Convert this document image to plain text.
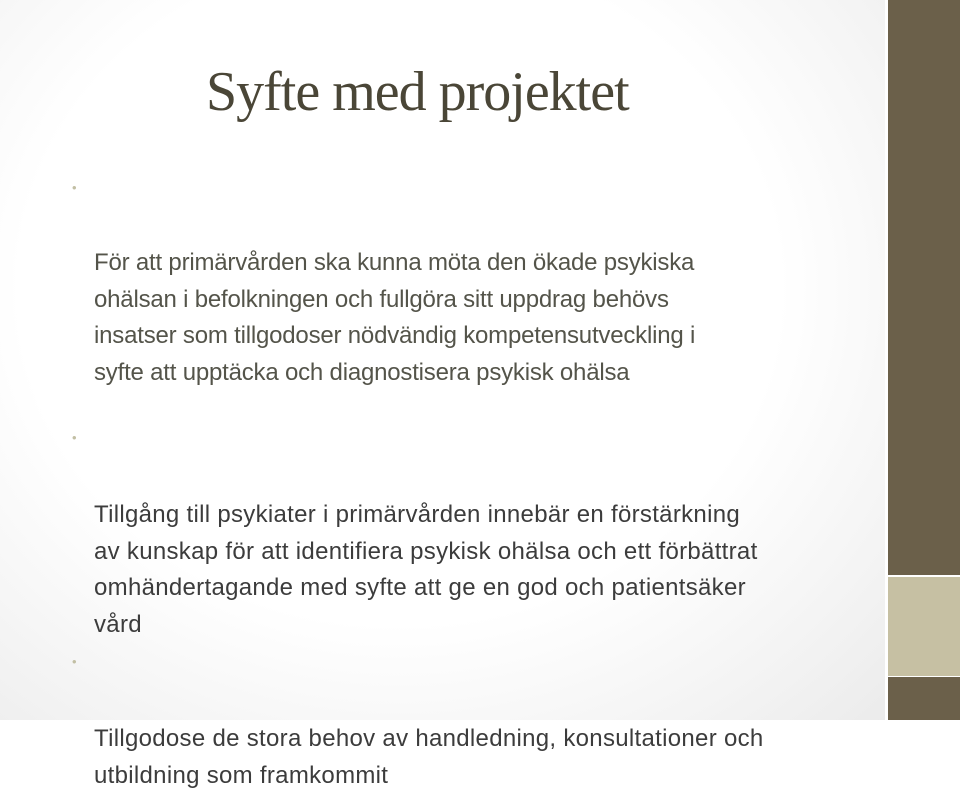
Syfte med projektet

•

För att primärvården ska kunna möta den ökade psykiska
ohälsan i befolkningen och fullgöra sitt uppdrag behövs
insatser som tillgodoser nödvändig kompetensutveckling i
syfte att upptäcka och diagnostisera psykisk ohälsa

•

Tillgång till psykiater i primärvården innebär en förstärkning
av kunskap för att identifiera psykisk ohälsa och ett förbättrat
omhändertagande med syfte att ge en god och patientsäker
vård

•

Tillgodose de stora behov av handledning, konsultationer och
utbildning som framkommit
